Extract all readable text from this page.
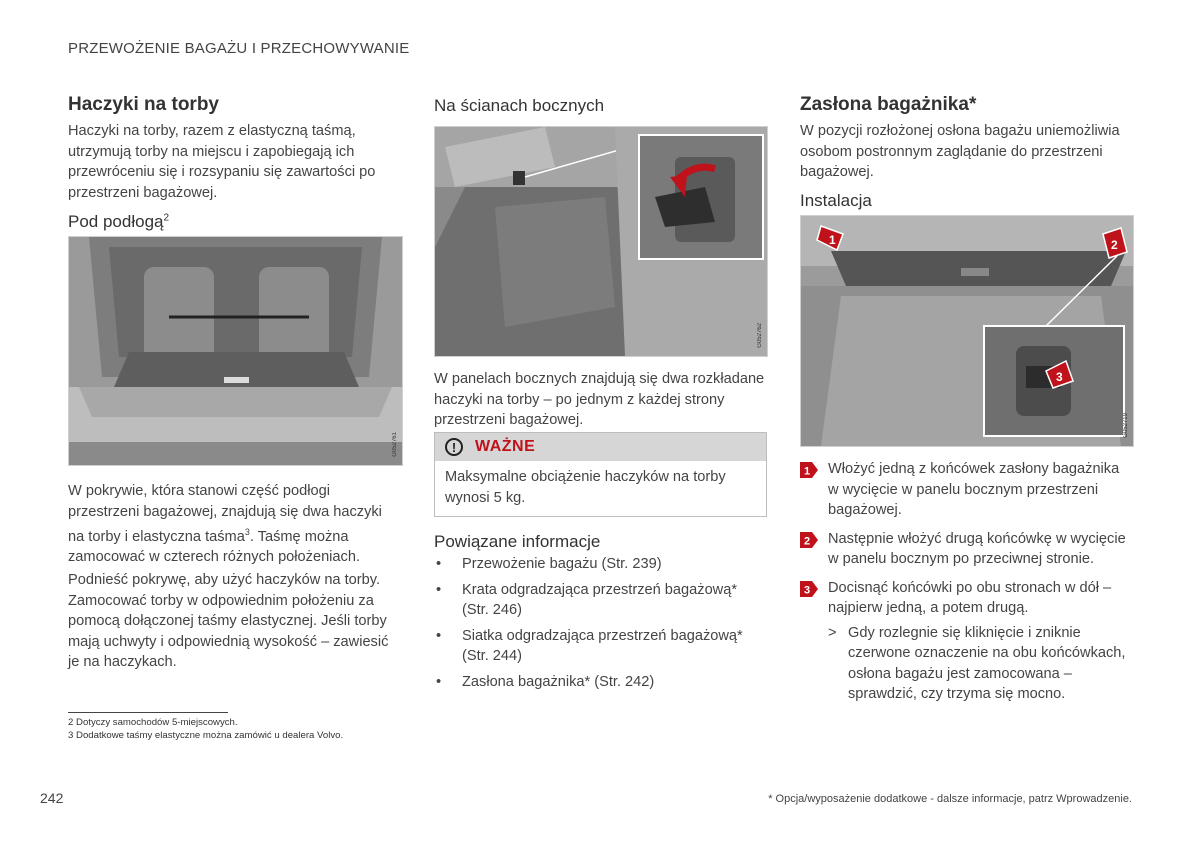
PRZEWOŻENIE BAGAŻU I PRZECHOWYWANIE
Haczyki na torby

Haczyki na torby, razem z elastyczną taśmą, utrzymują torby na miejscu i zapobiegają ich przewróceniu się i rozsypaniu się zawartości po przestrzeni bagażowej.

Pod podłogą$^2$
G052761

W pokrywie, która stanowi część podłogi przestrzeni bagażowej, znajdują się dwa haczyki na torby i elastyczna taśma$^3$. Taśmę można zamocować w czterech różnych położeniach.

Podnieść pokrywę, aby użyć haczyków na torby. Zamocować torby w odpowiednim położeniu za pomocą dołączonej taśmy elastycznej. Jeśli torby mają uchwyty i odpowiednią wysokość – zawiesić je na haczykach.

2 Dotyczy samochodów 5-miejscowych.
3 Dodatkowe taśmy elastyczne można zamówić u dealera Volvo.
Na ścianach bocznych
G052762

W panelach bocznych znajdują się dwa rozkładane haczyki na torby – po jednym z każdej strony przestrzeni bagażowej.

!	WAŻNE

Maksymalne obciążenie haczyków na torby wynosi 5 kg.

Powiązane informacje
• Przewożenie bagażu (Str. 239)
• Krata odgradzająca przestrzeń bagażową* (Str. 246)
• Siatka odgradzająca przestrzeń bagażową* (Str. 244)
• Zasłona bagażnika* (Str. 242)
Zasłona bagażnika*

W pozycji rozłożonej osłona bagażu uniemożliwia osobom postronnym zaglądanie do przestrzeni bagażowej.

Instalacja
1	2
3
G052719
1 Włożyć jedną z końcówek zasłony bagażnika w wycięcie w panelu bocznym przestrzeni bagażowej.

2 Następnie włożyć drugą końcówkę w wycięcie w panelu bocznym po przeciwnej stronie.

3 Docisnąć końcówki po obu stronach w dół – najpierw jedną, a potem drugą.

> Gdy rozlegnie się kliknięcie i zniknie czerwone oznaczenie na obu końcówkach, osłona bagażu jest zamocowana – sprawdzić, czy trzyma się mocno.

242	* Opcja/wyposażenie dodatkowe - dalsze informacje, patrz Wprowadzenie.
